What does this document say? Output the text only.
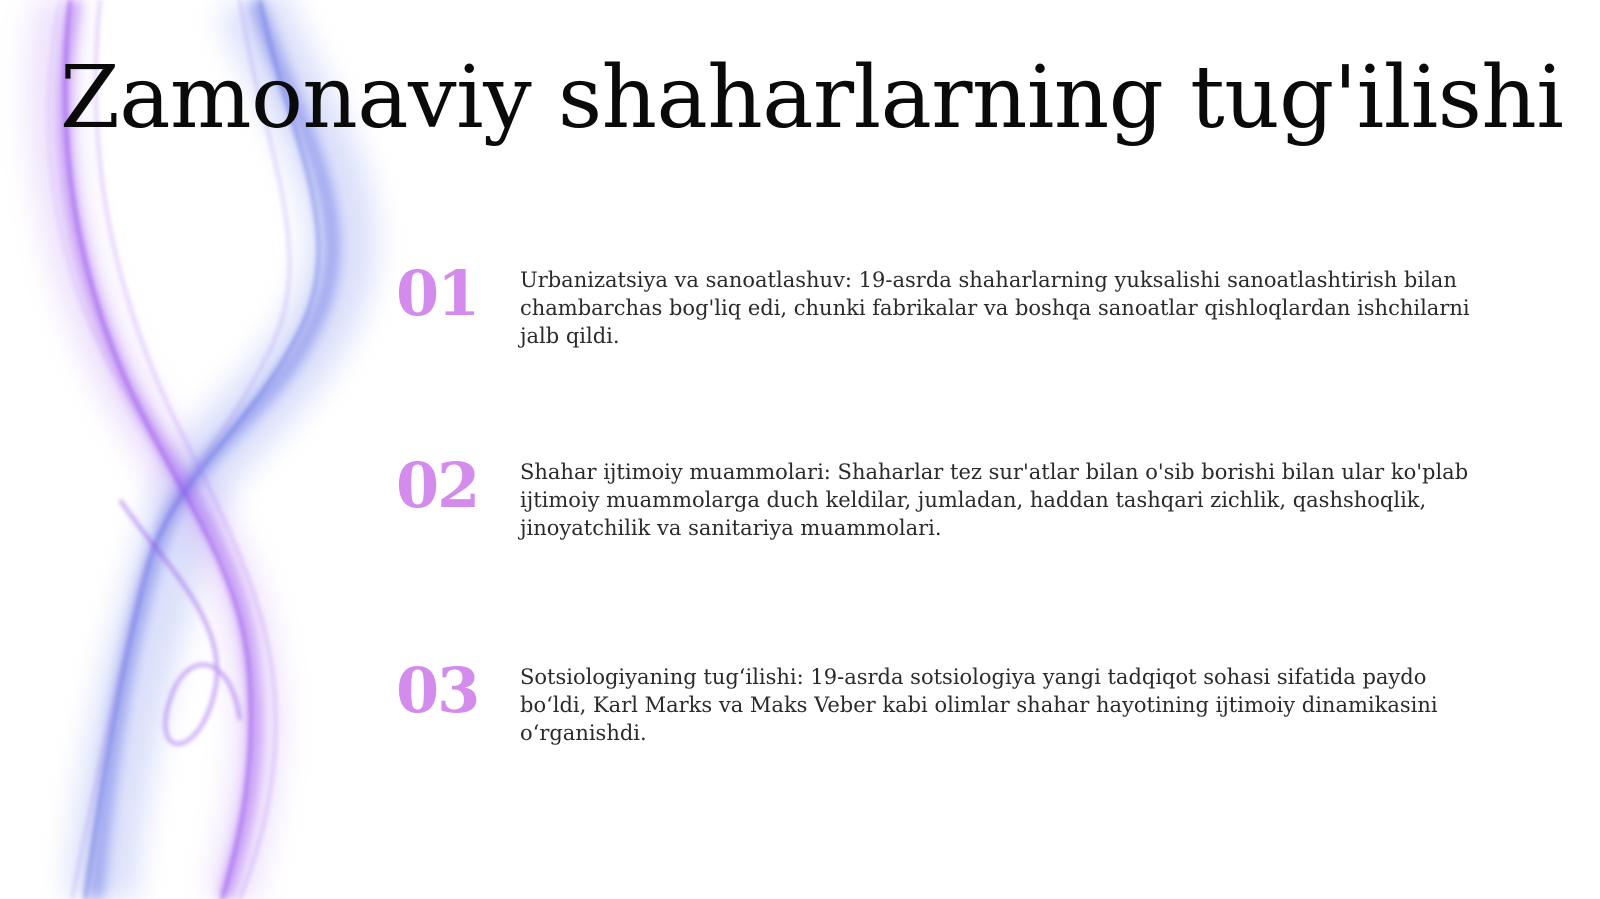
Zamonaviy shaharlarning tug'ilishi
01	Urbanizatsiya va sanoatlashuv: 19-asrda shaharlarning yuksalishi sanoatlashtirish bilan chambarchas bog'liq edi, chunki fabrikalar va boshqa sanoatlar qishloqlardan ishchilarni jalb qildi.

02	Shahar ijtimoiy muammolari: Shaharlar tez sur'atlar bilan o'sib borishi bilan ular ko'plab ijtimoiy muammolarga duch keldilar, jumladan, haddan tashqari zichlik, qashshoqlik, jinoyatchilik va sanitariya muammolari.

03	Sotsiologiyaning tug‘ilishi: 19-asrda sotsiologiya yangi tadqiqot sohasi sifatida paydo bo‘ldi, Karl Marks va Maks Veber kabi olimlar shahar hayotining ijtimoiy dinamikasini o‘rganishdi.
